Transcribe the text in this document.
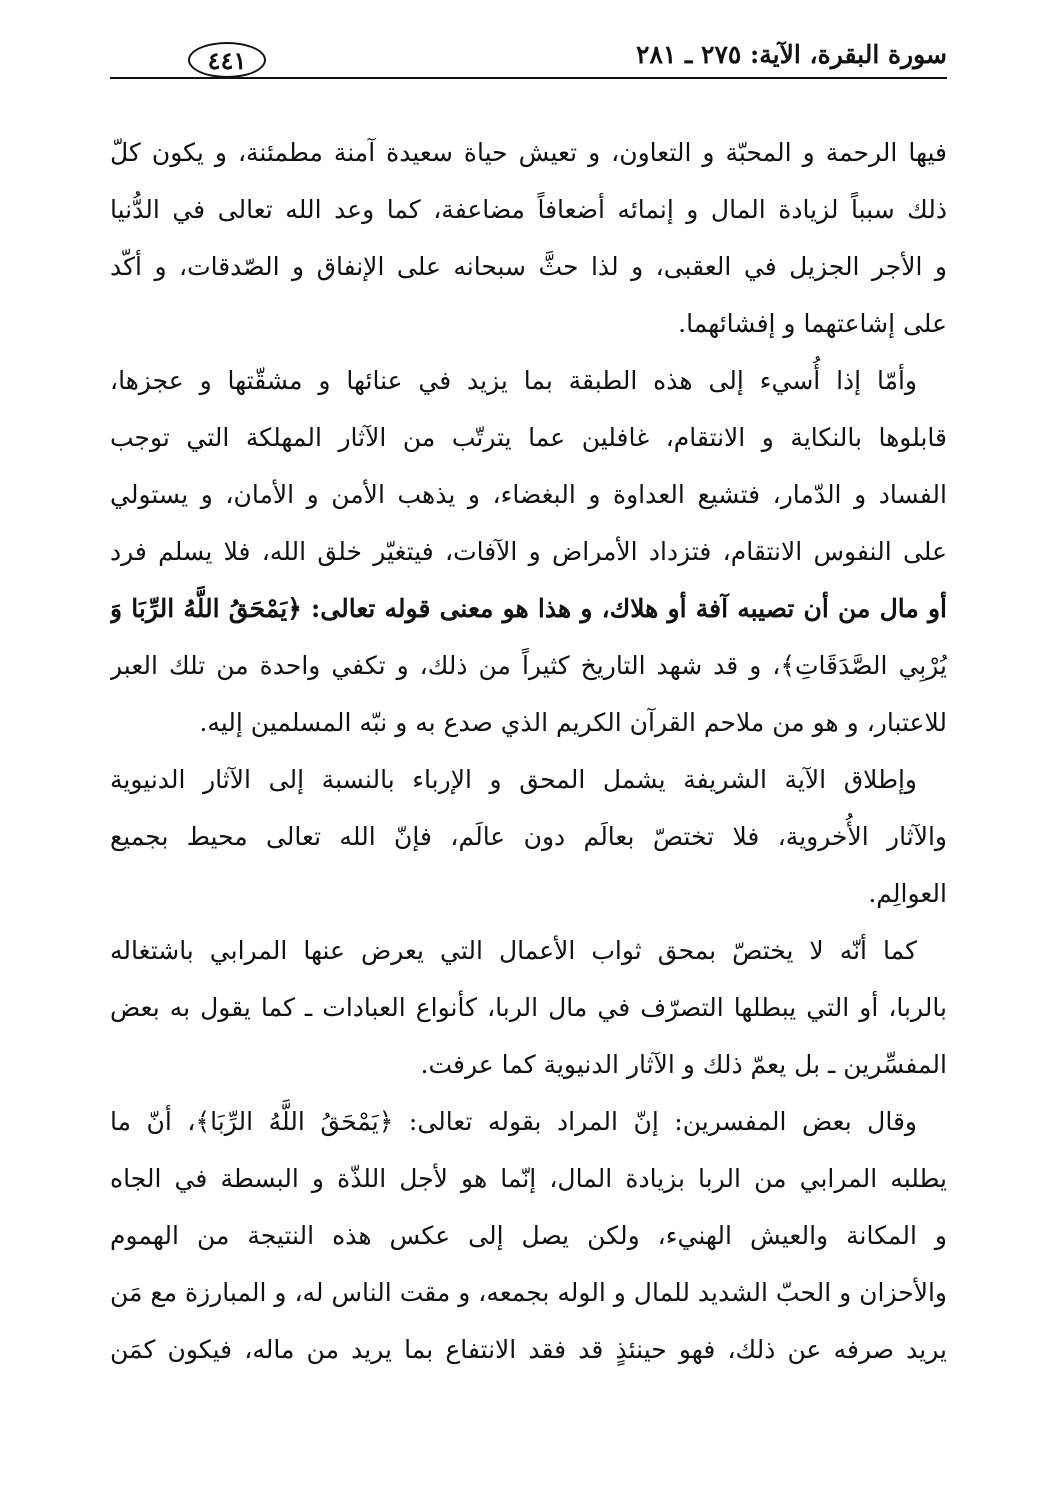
سورة البقرة، الآية: ٢٧٥ ـ ٢٨١
٤٤١
فيها الرحمة و المحبّة و التعاون، و تعيش حياة سعيدة آمنة مطمئنة، و يكون كلّ
ذلك سبباً لزيادة المال و إنمائه أضعافاً مضاعفة، كما وعد الله تعالى في الدُّنيا
و الأجر الجزيل في العقبى، و لذا حثَّ سبحانه على الإنفاق و الصّدقات، و أكّد
على إشاعتهما و إفشائهما.
وأمّا إذا أُسيء إلى هذه الطبقة بما يزيد في عنائها و مشقّتها و عجزها،
قابلوها بالنكاية و الانتقام، غافلين عما يترتّب من الآثار المهلكة التي توجب
الفساد و الدّمار، فتشيع العداوة و البغضاء، و يذهب الأمن و الأمان، و يستولي
على النفوس الانتقام، فتزداد الأمراض و الآفات، فيتغيّر خلق الله، فلا يسلم فرد
أو مال من أن تصيبه آفة أو هلاك، و هذا هو معنى قوله تعالى: ﴿يَمْحَقُ اللَّهُ الرِّبَا وَ
يُرْبِي الصَّدَقَاتِ﴾، و قد شهد التاريخ كثيراً من ذلك، و تكفي واحدة من تلك العبر
للاعتبار، و هو من ملاحم القرآن الكريم الذي صدع به و نبّه المسلمين إليه.
وإطلاق الآية الشريفة يشمل المحق و الإرباء بالنسبة إلى الآثار الدنيوية
والآثار الأُخروية، فلا تختصّ بعالَم دون عالَم، فإنّ الله تعالى محيط بجميع
العوالِم.
كما أنّه لا يختصّ بمحق ثواب الأعمال التي يعرض عنها المرابي باشتغاله
بالربا، أو التي يبطلها التصرّف في مال الربا، كأنواع العبادات ـ كما يقول به بعض
المفسِّرين ـ بل يعمّ ذلك و الآثار الدنيوية كما عرفت.
وقال بعض المفسرين: إنّ المراد بقوله تعالى: ﴿يَمْحَقُ اللَّهُ الرِّبَا﴾، أنّ ما
يطلبه المرابي من الربا بزيادة المال، إنّما هو لأجل اللذّة و البسطة في الجاه
و المكانة والعيش الهنيء، ولكن يصل إلى عكس هذه النتيجة من الهموم
والأحزان و الحبّ الشديد للمال و الوله بجمعه، و مقت الناس له، و المبارزة مع مَن
يريد صرفه عن ذلك، فهو حينئذٍ قد فقد الانتفاع بما يريد من ماله، فيكون كمَن
